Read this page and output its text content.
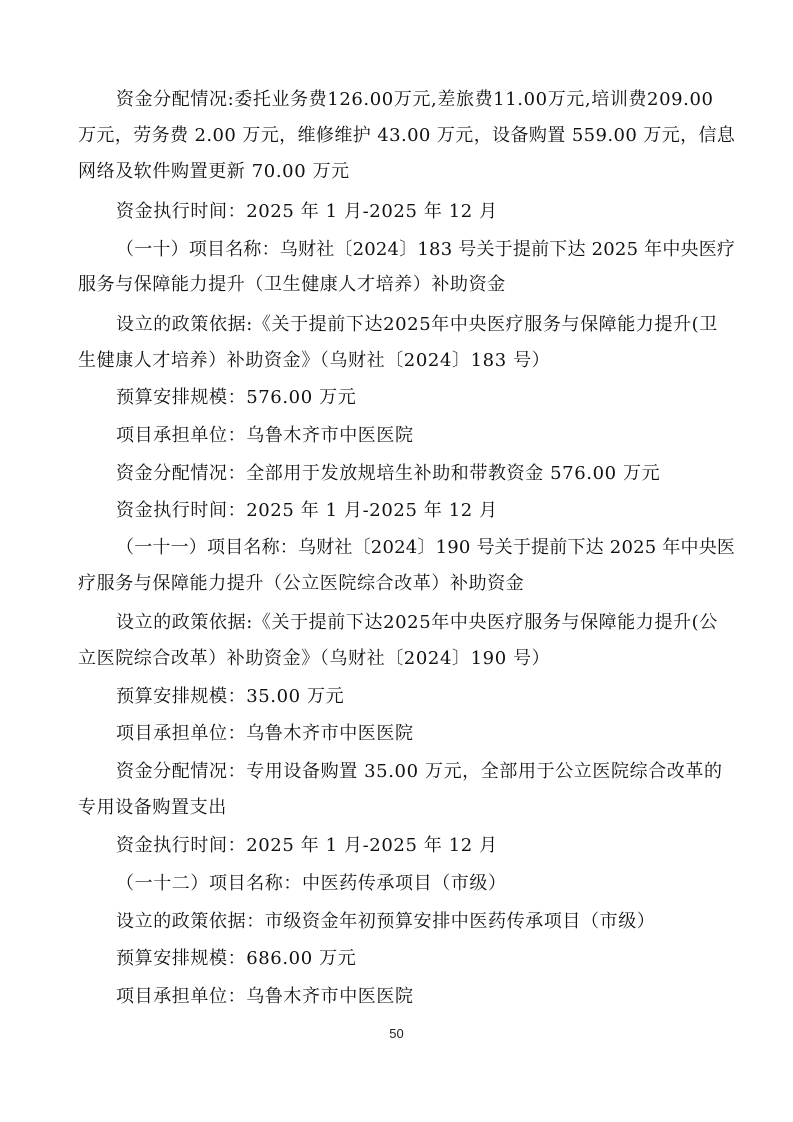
资金分配情况:委托业务费126.00万元,差旅费11.00万元,培训费209.00
万元，劳务费 2.00 万元，维修维护 43.00 万元，设备购置 559.00 万元，信息
网络及软件购置更新 70.00 万元
资金执行时间：2025 年 1 月-2025 年 12 月
（一十）项目名称：乌财社〔2024〕183 号关于提前下达 2025 年中央医疗
服务与保障能力提升（卫生健康人才培养）补助资金
设立的政策依据:《关于提前下达2025年中央医疗服务与保障能力提升(卫
生健康人才培养）补助资金》（乌财社〔2024〕183 号）
预算安排规模：576.00 万元
项目承担单位：乌鲁木齐市中医医院
资金分配情况：全部用于发放规培生补助和带教资金 576.00 万元
资金执行时间：2025 年 1 月-2025 年 12 月
（一十一）项目名称：乌财社〔2024〕190 号关于提前下达 2025 年中央医
疗服务与保障能力提升（公立医院综合改革）补助资金
设立的政策依据:《关于提前下达2025年中央医疗服务与保障能力提升(公
立医院综合改革）补助资金》（乌财社〔2024〕190 号）
预算安排规模：35.00 万元
项目承担单位：乌鲁木齐市中医医院
资金分配情况：专用设备购置 35.00 万元，全部用于公立医院综合改革的
专用设备购置支出
资金执行时间：2025 年 1 月-2025 年 12 月
（一十二）项目名称：中医药传承项目（市级）
设立的政策依据：市级资金年初预算安排中医药传承项目（市级）
预算安排规模：686.00 万元
项目承担单位：乌鲁木齐市中医医院
50
